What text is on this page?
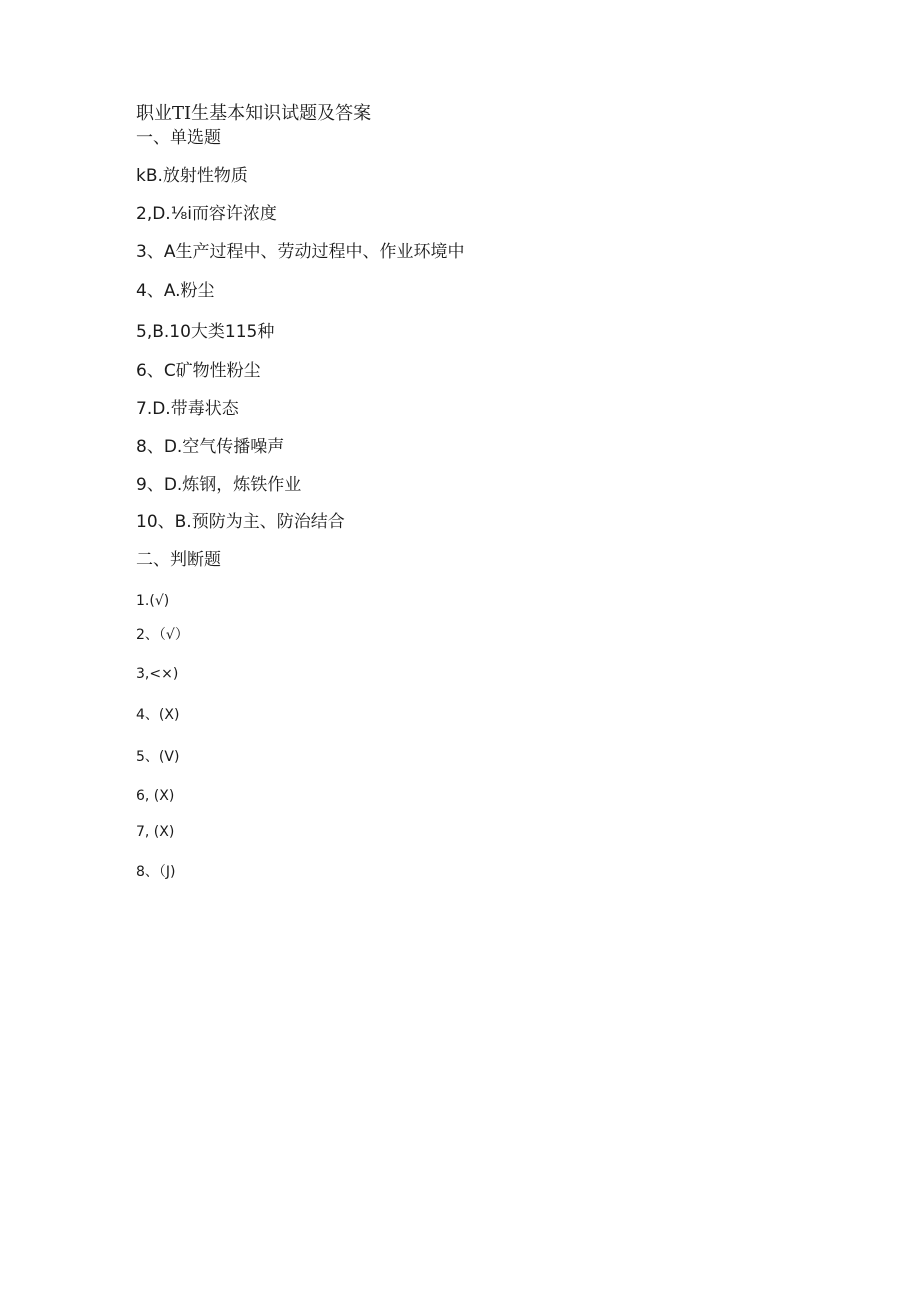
职业TI生基本知识试题及答案
一、单选题
kB.放射性物质
2,D.⅛i而容许浓度
3、A生产过程中、劳动过程中、作业环境中
4、A.粉尘
5,B.10大类115种
6、C矿物性粉尘
7.D.带毒状态
8、D.空气传播噪声
9、D.炼钢，炼铁作业
10、B.预防为主、防治结合
二、判断题
1.(√)
2、（√）
3,<×)
4、(X)
5、(V)
6, (X)
7, (X)
8、（J)
